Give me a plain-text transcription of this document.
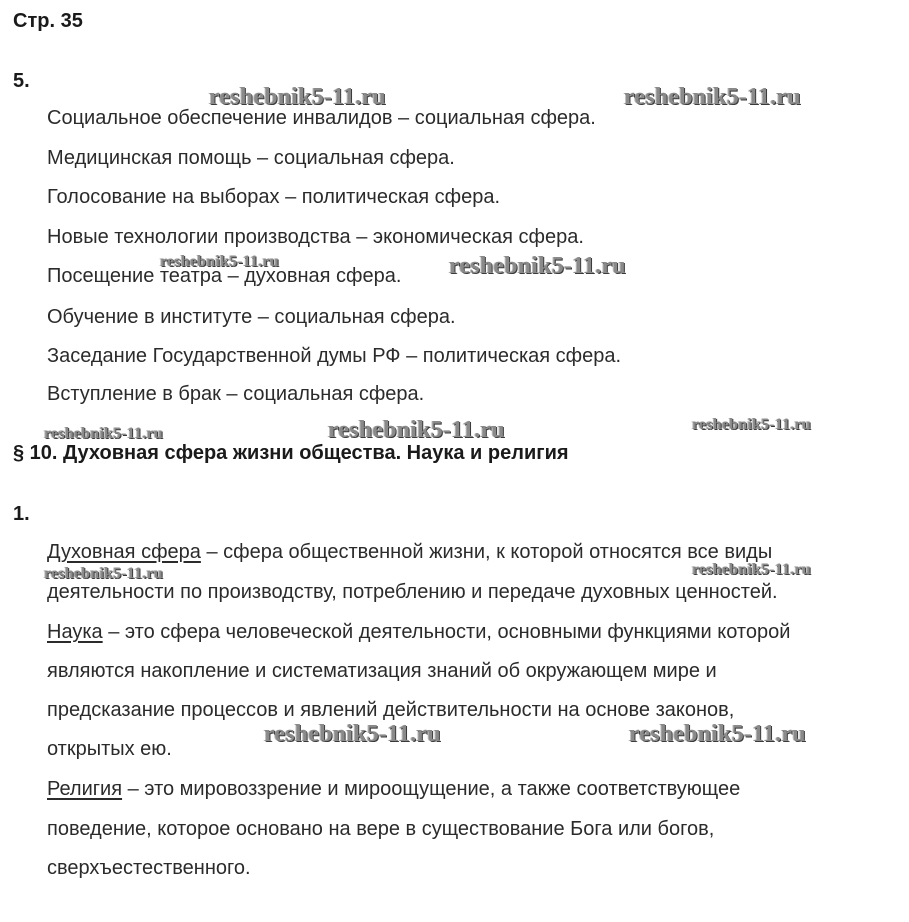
Стр. 35
5.
Социальное обеспечение инвалидов – социальная сфера.
Медицинская помощь – социальная сфера.
Голосование на выборах – политическая сфера.
Новые технологии производства – экономическая сфера.
Посещение театра – духовная сфера.
Обучение в институте – социальная сфера.
Заседание Государственной думы РФ – политическая сфера.
Вступление в брак – социальная сфера.
§ 10. Духовная сфера жизни общества. Наука и религия
1.
Духовная сфера – сфера общественной жизни, к которой относятся все виды
деятельности по производству, потреблению и передаче духовных ценностей.
Наука – это сфера человеческой деятельности, основными функциями которой
являются накопление и систематизация знаний об окружающем мире и
предсказание процессов и явлений действительности на основе законов,
открытых ею.
Религия – это мировоззрение и мироощущение, а также соответствующее
поведение, которое основано на вере в существование Бога или богов,
сверхъестественного.
reshebnik5-11.ru	reshebnik5-11.ru
reshebnik5-11.ru	reshebnik5-11.ru
reshebnik5-11.ru	reshebnik5-11.ru	reshebnik5-11.ru
reshebnik5-11.ru	reshebnik5-11.ru
reshebnik5-11.ru	reshebnik5-11.ru
